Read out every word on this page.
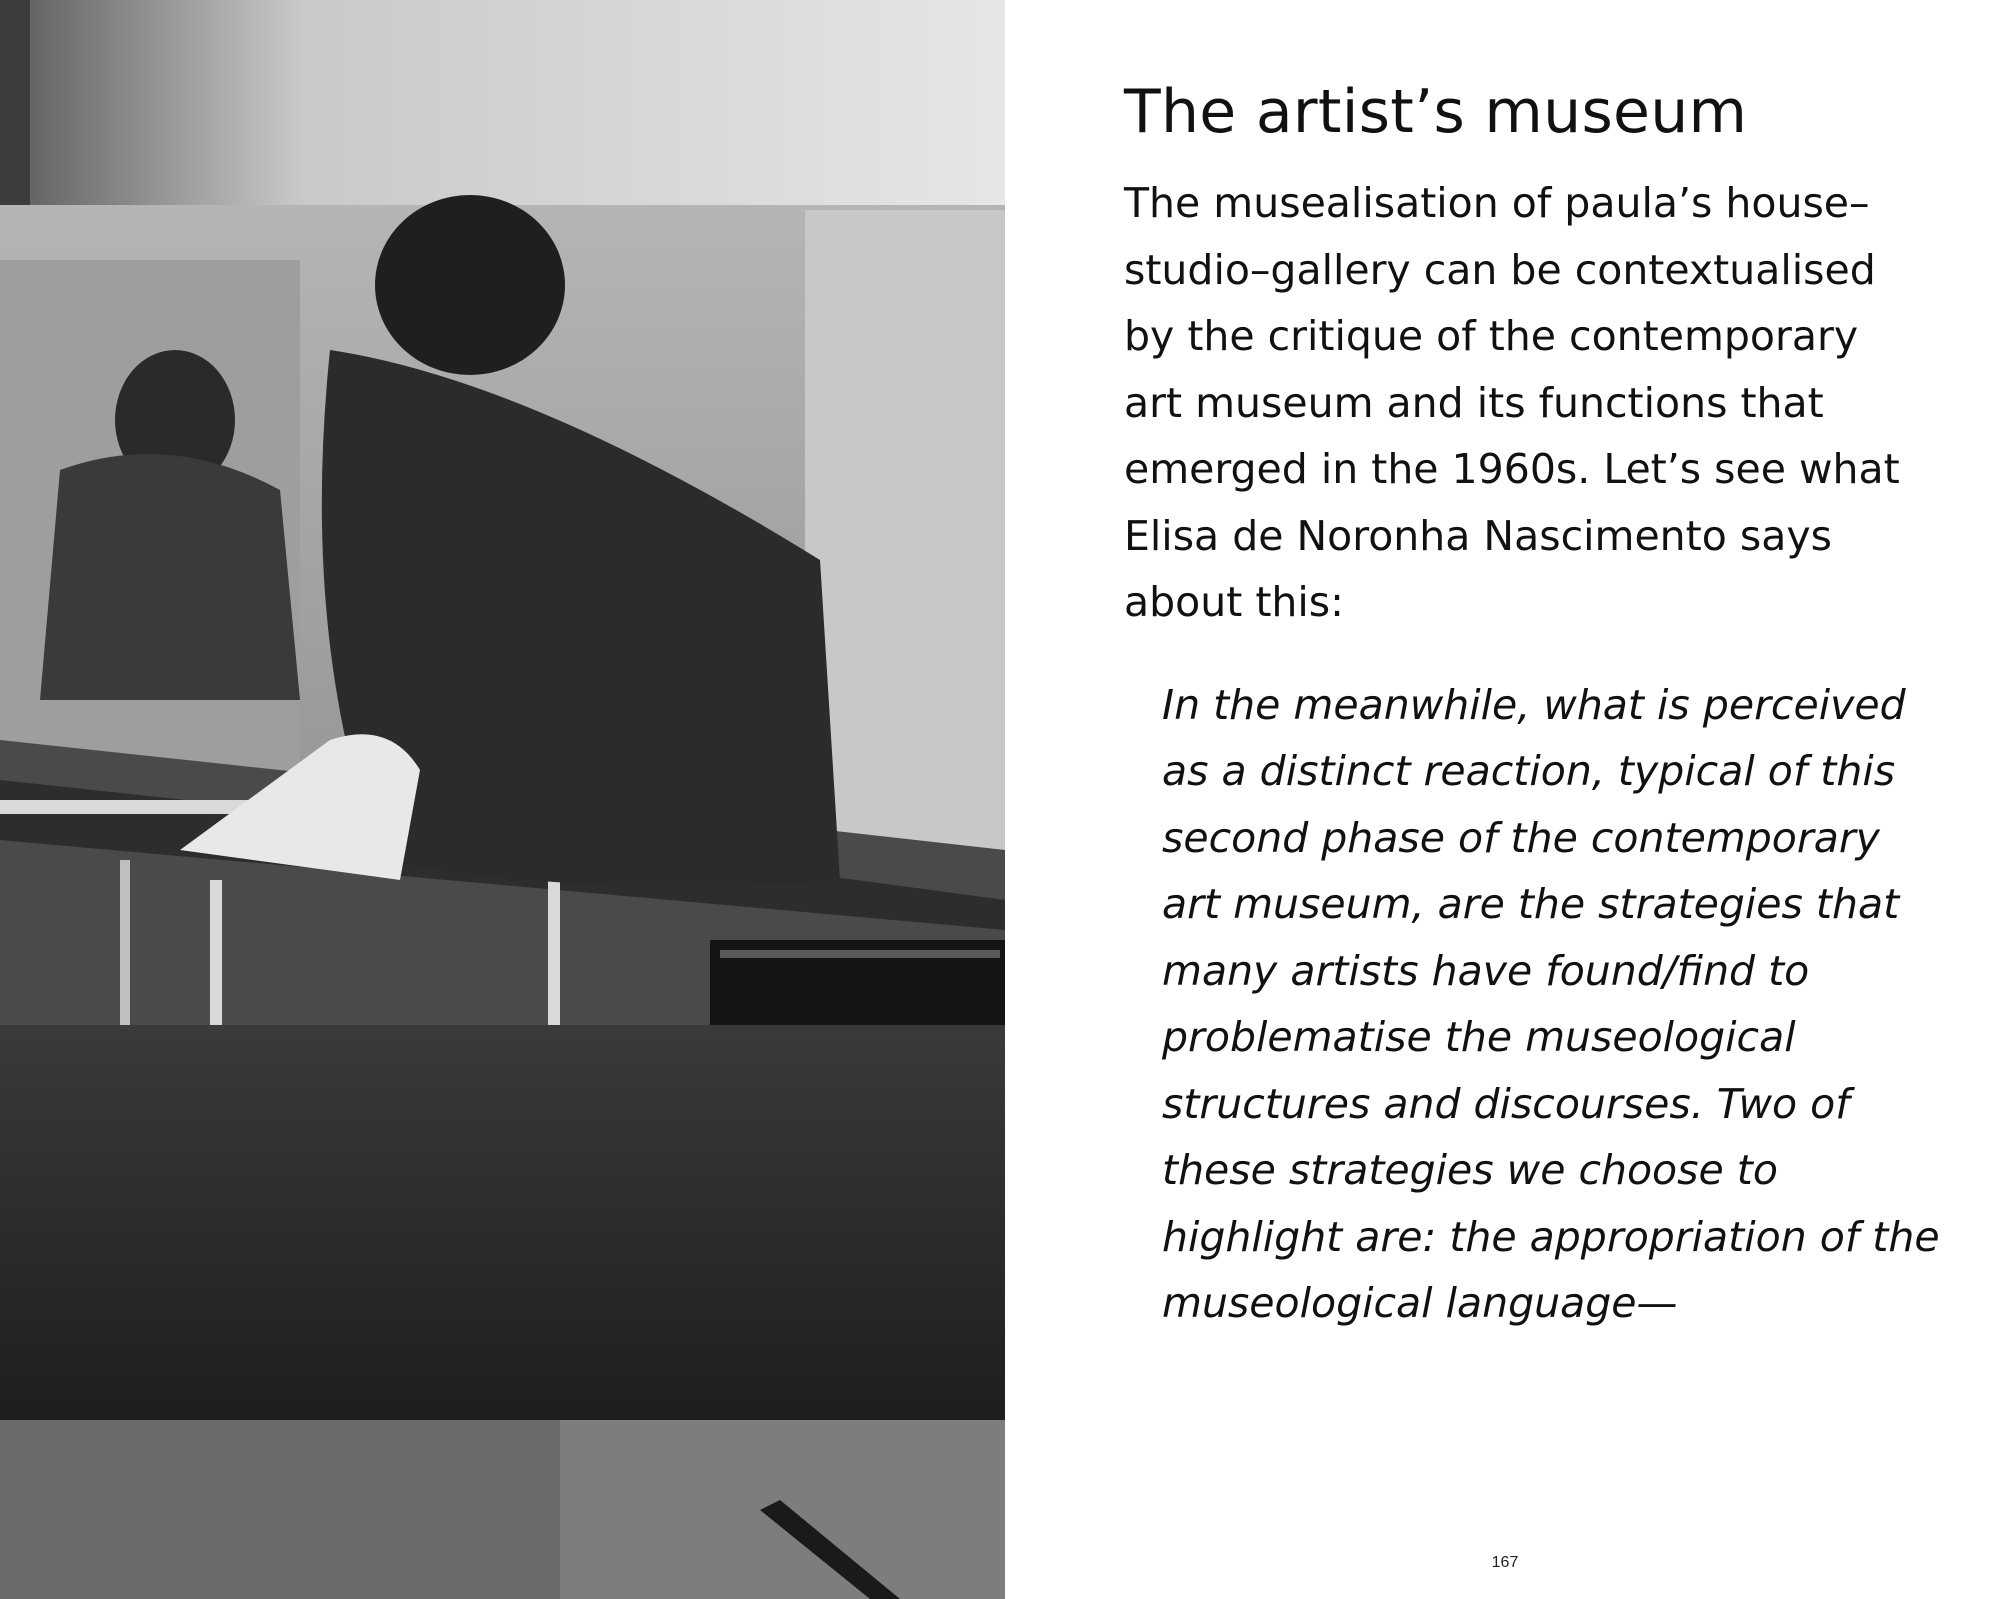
The artist’s museum

The musealisation of paula’s house–studio–gallery can be contextualised by the critique of the contemporary art museum and its functions that emerged in the 1960s. Let’s see what Elisa de Noronha Nascimento says about this:

In the meanwhile, what is perceived as a distinct reaction, typical of this second phase of the contemporary art museum, are the strategies that many artists have found/find to problematise the museological structures and discourses. Two of these strategies we choose to highlight are: the appropriation of the museological language—

167
